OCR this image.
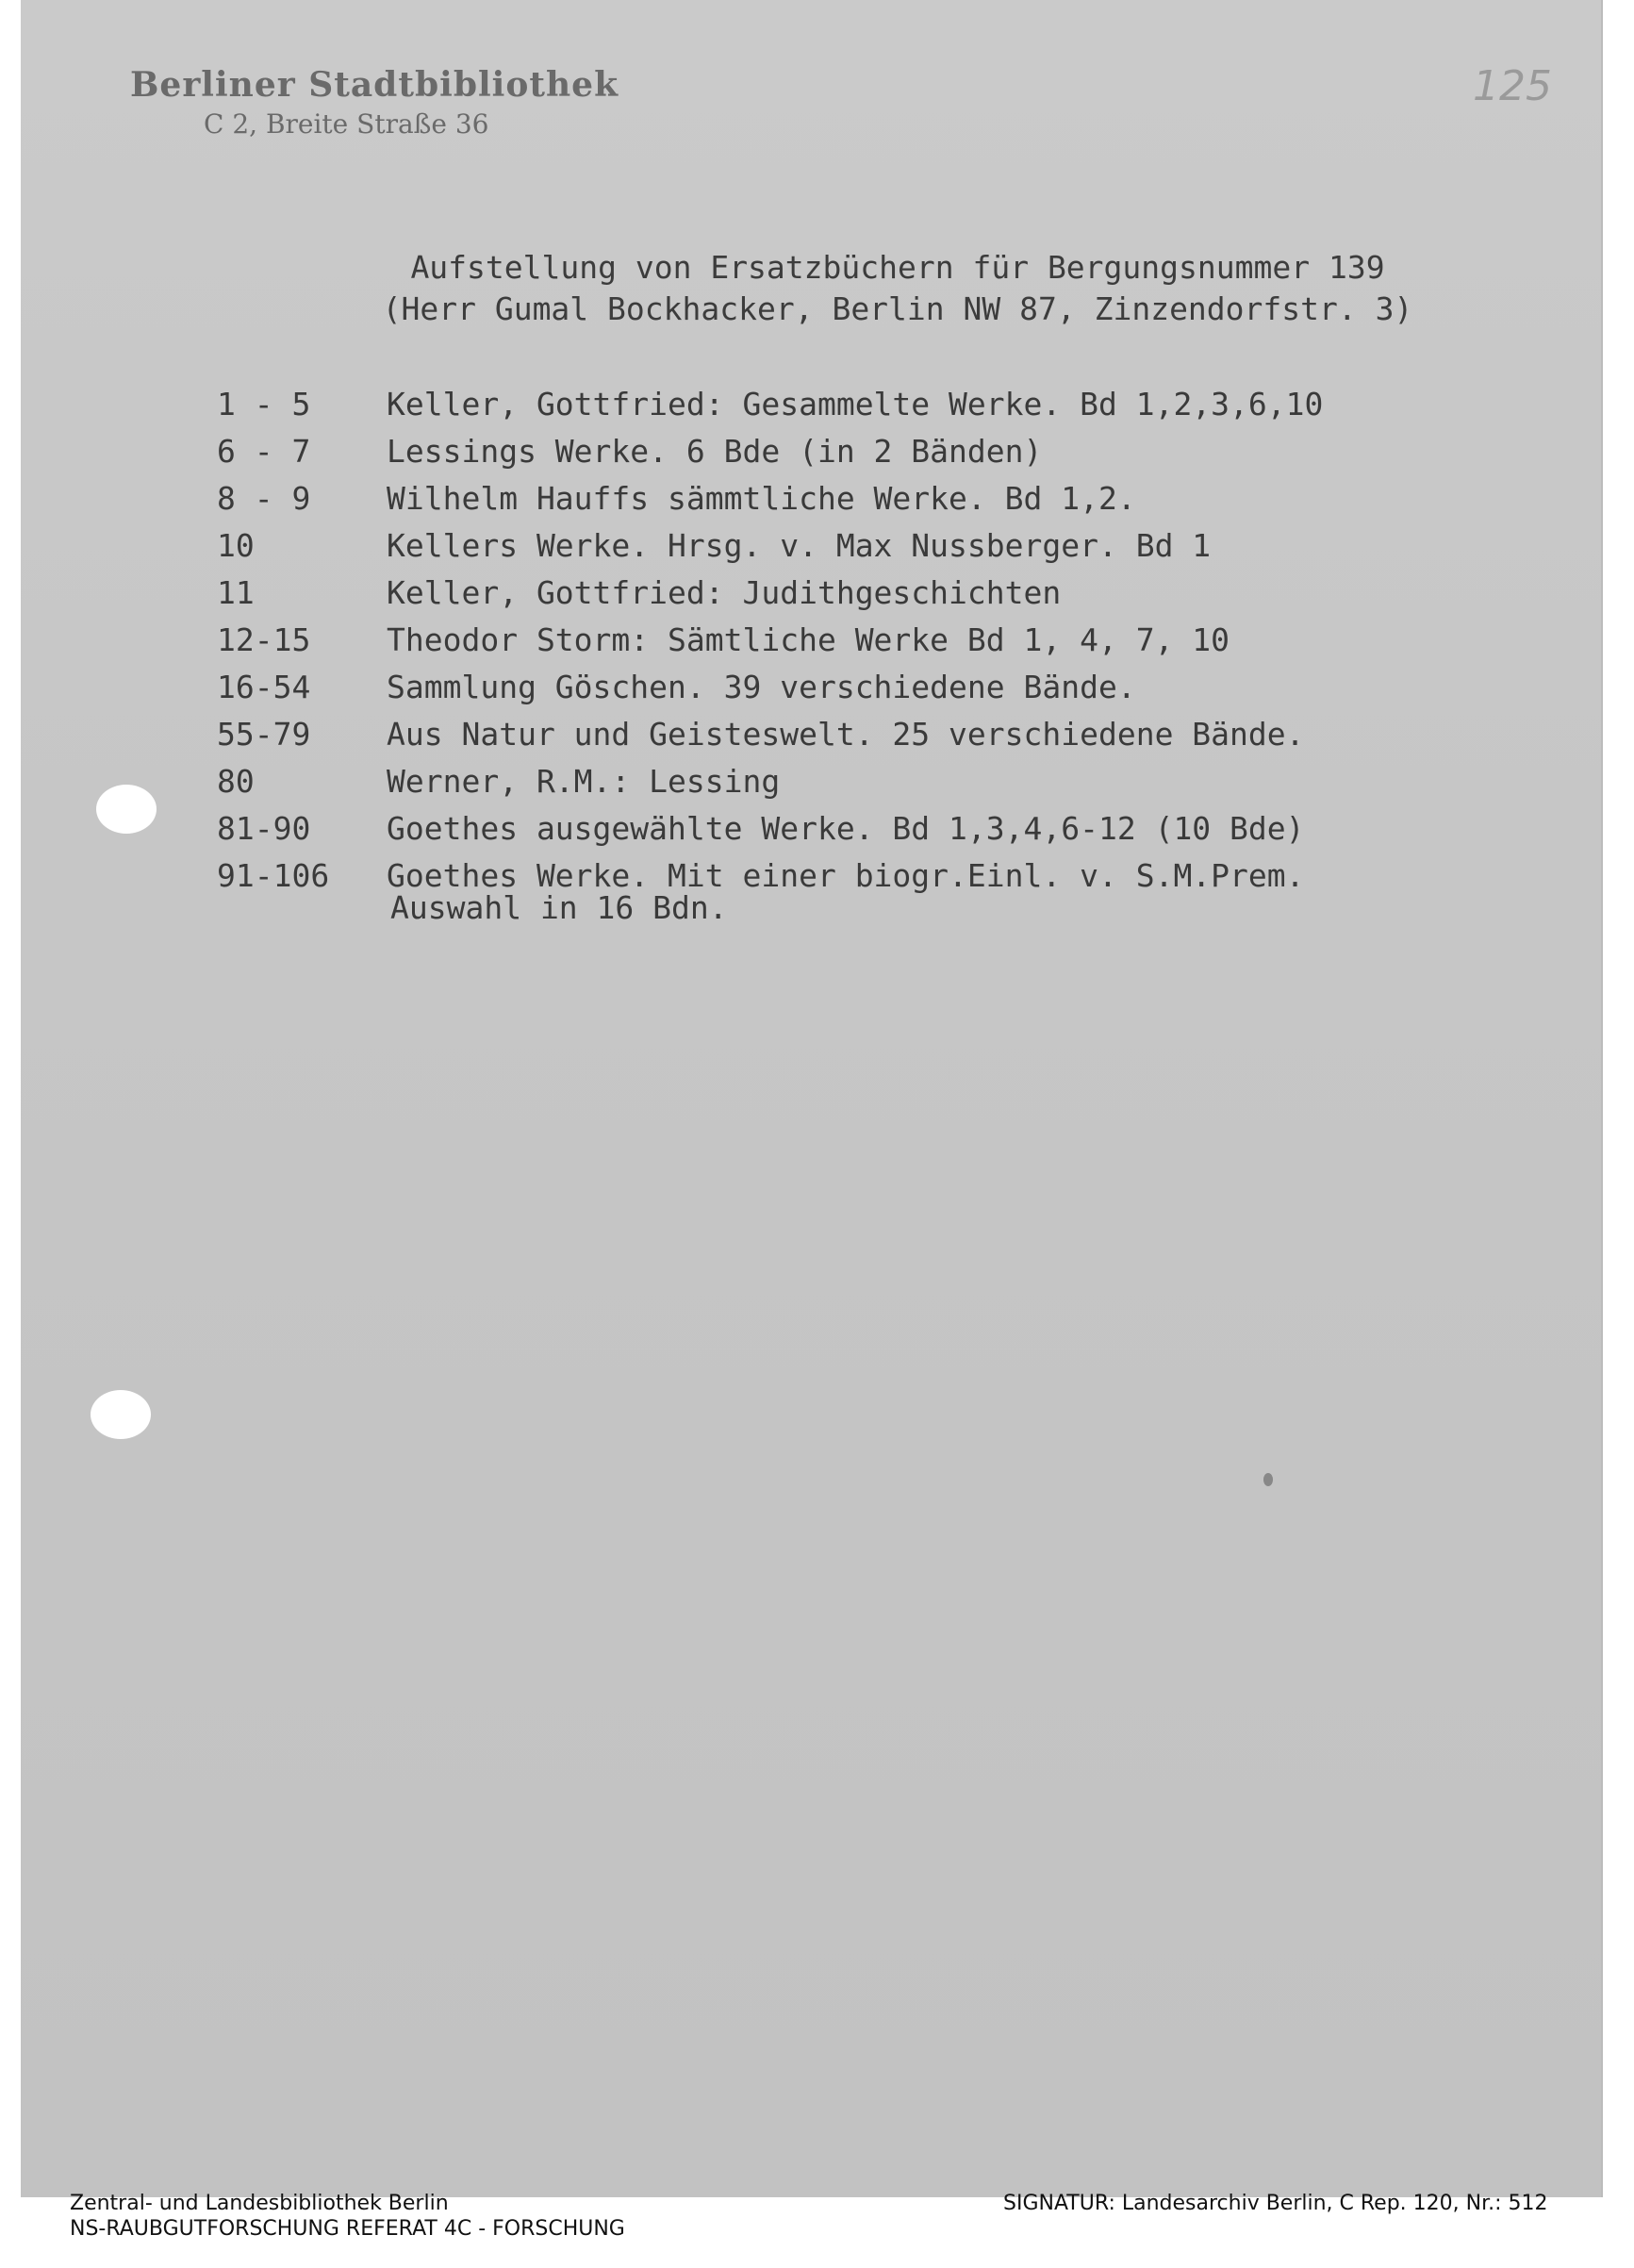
Berliner Stadtbibliothek
C 2, Breite Straße 36
125
Aufstellung von Ersatzbüchern für Bergungsnummer 139
(Herr Gumal Bockhacker, Berlin NW 87, Zinzendorfstr. 3)
1 - 5	Keller, Gottfried: Gesammelte Werke. Bd 1,2,3,6,10
6 - 7	Lessings Werke. 6 Bde (in 2 Bänden)
8 - 9	Wilhelm Hauffs sämmtliche Werke. Bd 1,2.
10	Kellers Werke. Hrsg. v. Max Nussberger. Bd 1
11	Keller, Gottfried: Judithgeschichten
12-15	Theodor Storm: Sämtliche Werke Bd 1, 4, 7, 10
16-54	Sammlung Göschen. 39 verschiedene Bände.
55-79	Aus Natur und Geisteswelt. 25 verschiedene Bände.
80	Werner, R.M.: Lessing
81-90	Goethes ausgewählte Werke. Bd 1,3,4,6-12 (10 Bde)
91-106	Goethes Werke. Mit einer biogr.Einl. v. S.M.Prem.
Auswahl in 16 Bdn.
Zentral- und Landesbibliothek Berlin
NS-RAUBGUTFORSCHUNG REFERAT 4C - FORSCHUNG
SIGNATUR: Landesarchiv Berlin, C Rep. 120, Nr.: 512
